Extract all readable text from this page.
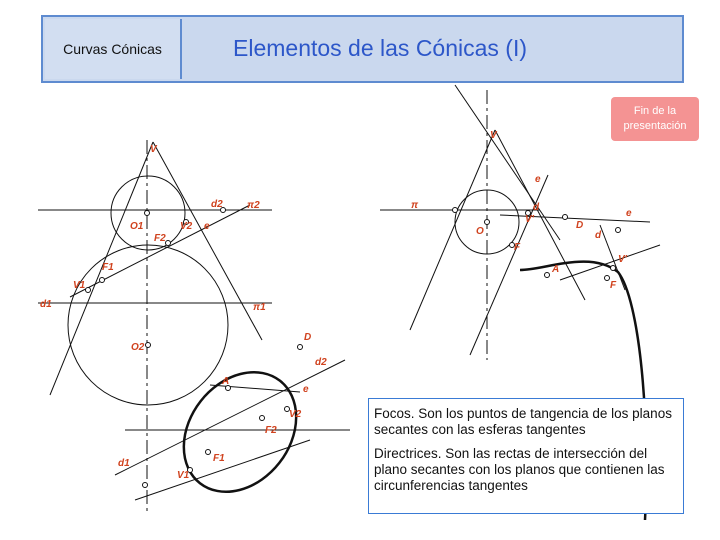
Curvas Cónicas	Elementos de las Cónicas (I)
Fin de la presentación
V
d2 π2
O1	V2 e
F2
F1
V1
d1	π1
V
e
π	d
V'
O
F
D
d
e
A
V'
F
O2
D
d2
A
e
V2
F2
d1	F1
V1

Focos. Son los puntos de tangencia de los planos secantes con las esferas tangentes

Directrices. Son las rectas de intersección del plano secantes con los planos que contienen las circunferencias tangentes
